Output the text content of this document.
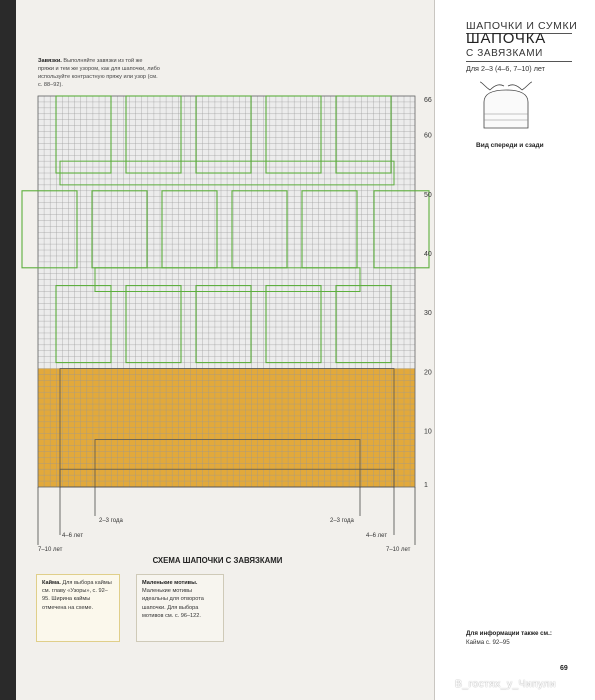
ШАПОЧКИ И СУМКИ
ШАПОЧКА
С ЗАВЯЗКАМИ
Для 2–3 (4–6, 7–10) лет
Вид спереди и сзади
Завязки. Выполняйте завязки из той же пряжи и тем же узором, как для шапочки, либо используйте контрастную пряжу или узор (см. с. 88–92).
1
10
20
30
40
50
60
66
2–3 года	2–3 года
4–6 лет	4–6 лет
7–10 лет	7–10 лет
СХЕМА ШАПОЧКИ С ЗАВЯЗКАМИ
Кайма. Для выбора каймы см. главу «Узоры», с. 92–95. Ширина каймы отмечена на схеме.
Маленькие мотивы.
Маленькие мотивы идеальны для отворота шапочки. Для выбора мотивов см. с. 96–122.
Для информации также см.:
Кайма с. 92–95
69
В_гостях_у_Чипули
